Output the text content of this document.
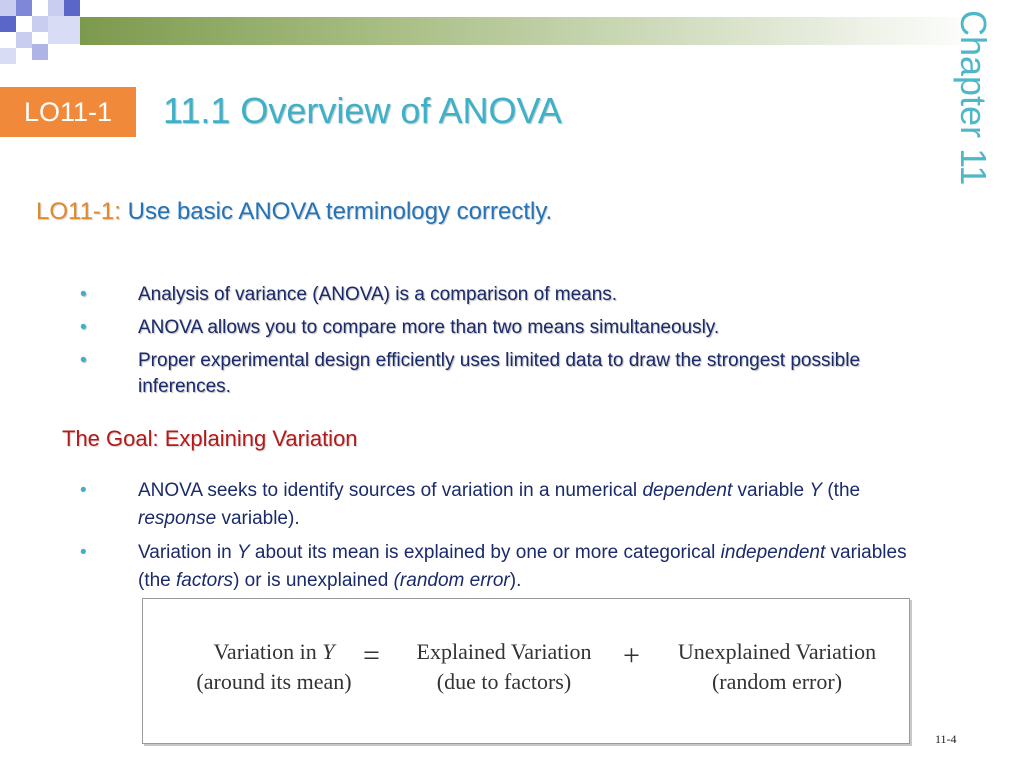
Chapter 11
LO11-1	11.1 Overview of ANOVA
LO11-1: Use basic ANOVA terminology correctly.
•	Analysis of variance (ANOVA) is a comparison of means.
•	ANOVA allows you to compare more than two means simultaneously.
•	Proper experimental design efficiently uses limited data to draw the strongest possible inferences.
The Goal: Explaining Variation
•	ANOVA seeks to identify sources of variation in a numerical dependent variable Y (the response variable).
•	Variation in Y about its mean is explained by one or more categorical independent variables (the factors) or is unexplained (random error).
Variation in Y
(around its mean)
=	Explained Variation
(due to factors)
+	Unexplained Variation
(random error)
11-4
